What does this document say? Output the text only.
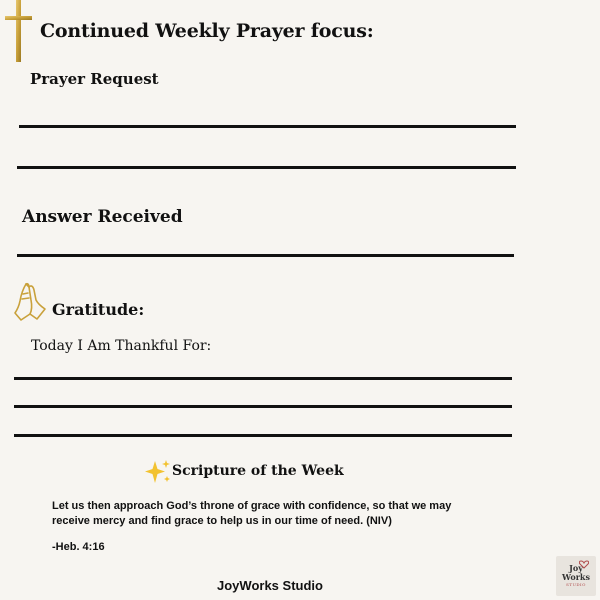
Continued Weekly Prayer focus:
Prayer Request
Answer Received
Gratitude:
Today I Am Thankful For:
Scripture of the Week
Let us then approach God’s throne of grace with confidence, so that we may receive mercy and find grace to help us in our time of need. (NIV)
-Heb. 4:16
JoyWorks Studio
Joy
Works
STUDIO
